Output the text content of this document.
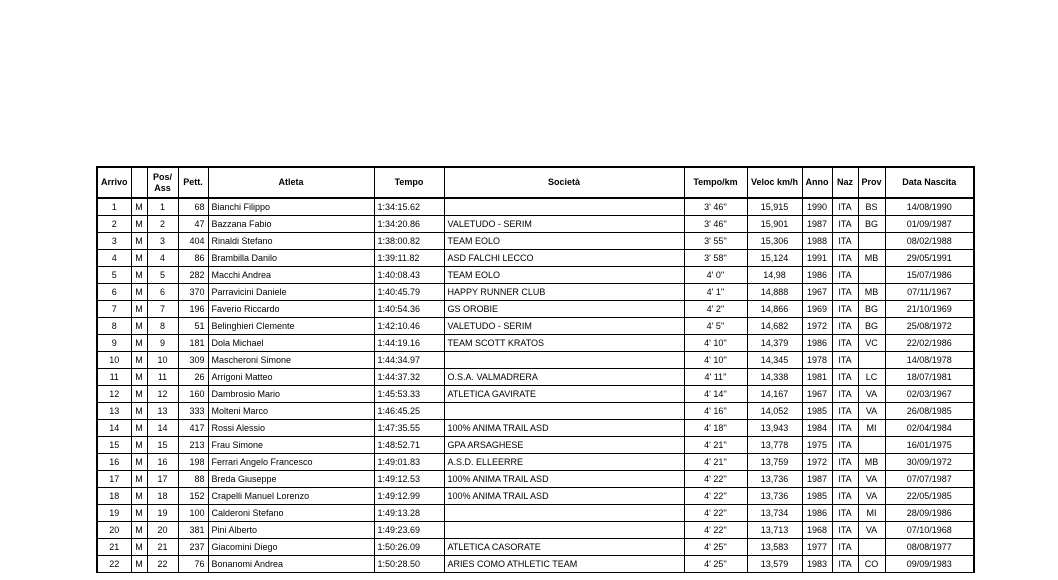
Arrivo		Pos/ Ass	Pett.	Atleta	Tempo	Società	Tempo/km	Veloc km/h	Anno	Naz	Prov	Data Nascita
1	M	1	68	Bianchi Filippo	1:34:15.62		3' 46''	15,915	1990	ITA	BS	14/08/1990
2	M	2	47	Bazzana Fabio	1:34:20.86	VALETUDO - SERIM	3' 46''	15,901	1987	ITA	BG	01/09/1987
3	M	3	404	Rinaldi Stefano	1:38:00.82	TEAM EOLO	3' 55''	15,306	1988	ITA		08/02/1988
4	M	4	86	Brambilla Danilo	1:39:11.82	ASD FALCHI LECCO	3' 58''	15,124	1991	ITA	MB	29/05/1991
5	M	5	282	Macchi Andrea	1:40:08.43	TEAM EOLO	4' 0''	14,98	1986	ITA		15/07/1986
6	M	6	370	Parravicini Daniele	1:40:45.79	HAPPY RUNNER CLUB	4' 1''	14,888	1967	ITA	MB	07/11/1967
7	M	7	196	Faverio Riccardo	1:40:54.36	GS OROBIE	4' 2''	14,866	1969	ITA	BG	21/10/1969
8	M	8	51	Belinghieri Clemente	1:42:10.46	VALETUDO - SERIM	4' 5''	14,682	1972	ITA	BG	25/08/1972
9	M	9	181	Dola Michael	1:44:19.16	TEAM SCOTT KRATOS	4' 10''	14,379	1986	ITA	VC	22/02/1986
10	M	10	309	Mascheroni Simone	1:44:34.97		4' 10''	14,345	1978	ITA		14/08/1978
11	M	11	26	Arrigoni Matteo	1:44:37.32	O.S.A. VALMADRERA	4' 11''	14,338	1981	ITA	LC	18/07/1981
12	M	12	160	Dambrosio Mario	1:45:53.33	ATLETICA GAVIRATE	4' 14''	14,167	1967	ITA	VA	02/03/1967
13	M	13	333	Molteni Marco	1:46:45.25		4' 16''	14,052	1985	ITA	VA	26/08/1985
14	M	14	417	Rossi Alessio	1:47:35.55	100% ANIMA TRAIL ASD	4' 18''	13,943	1984	ITA	MI	02/04/1984
15	M	15	213	Frau Simone	1:48:52.71	GPA ARSAGHESE	4' 21''	13,778	1975	ITA		16/01/1975
16	M	16	198	Ferrari Angelo Francesco	1:49:01.83	A.S.D. ELLEERRE	4' 21''	13,759	1972	ITA	MB	30/09/1972
17	M	17	88	Breda Giuseppe	1:49:12.53	100% ANIMA TRAIL ASD	4' 22''	13,736	1987	ITA	VA	07/07/1987
18	M	18	152	Crapelli Manuel Lorenzo	1:49:12.99	100% ANIMA TRAIL ASD	4' 22''	13,736	1985	ITA	VA	22/05/1985
19	M	19	100	Calderoni Stefano	1:49:13.28		4' 22''	13,734	1986	ITA	MI	28/09/1986
20	M	20	381	Pini Alberto	1:49:23.69		4' 22''	13,713	1968	ITA	VA	07/10/1968
21	M	21	237	Giacomini Diego	1:50:26.09	ATLETICA CASORATE	4' 25''	13,583	1977	ITA		08/08/1977
22	M	22	76	Bonanomi Andrea	1:50:28.50	ARIES COMO ATHLETIC TEAM	4' 25''	13,579	1983	ITA	CO	09/09/1983
